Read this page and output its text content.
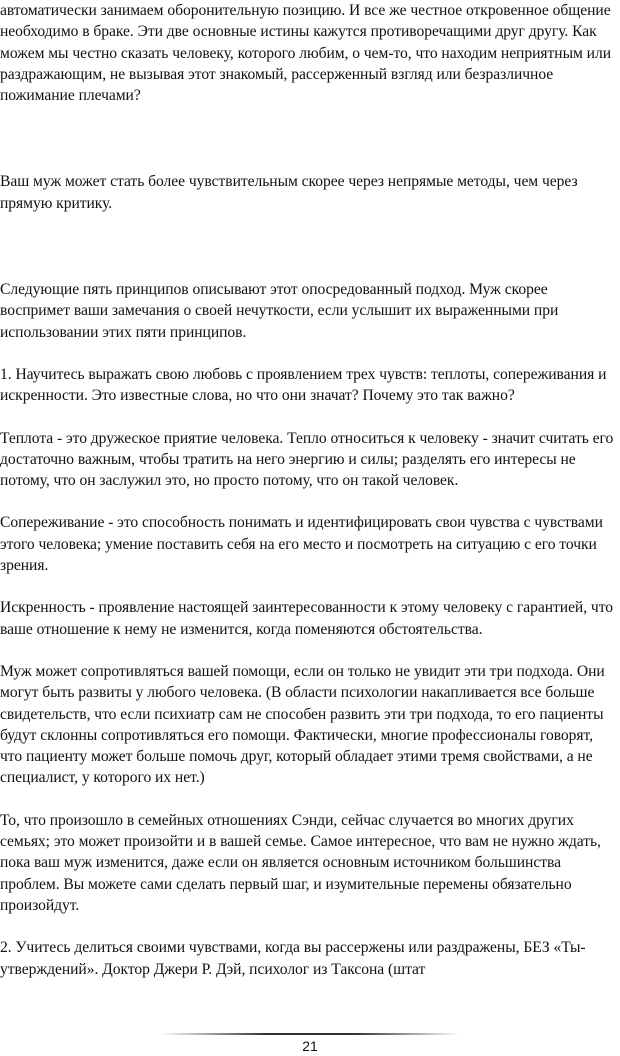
автоматически занимаем оборонительную позицию. И все же честное откровенное общение необходимо в браке. Эти две основные истины кажутся противоречащими друг другу. Как можем мы честно сказать человеку, которого любим, о чем-то, что находим неприятным или раздражающим, не вызывая этот знакомый, рассерженный взгляд или безразличное пожимание плечами?

Ваш муж может стать более чувствительным скорее через непрямые методы, чем через прямую критику.

Следующие пять принципов описывают этот опосредованный подход. Муж скорее воспримет ваши замечания о своей нечуткости, если услышит их выраженными при использовании этих пяти принципов.

1. Научитесь выражать свою любовь с проявлением трех чувств: теплоты, сопереживания и искренности. Это известные слова, но что они значат? Почему это так важно?

Теплота - это дружеское приятие человека. Тепло относиться к человеку - значит считать его достаточно важным, чтобы тратить на него энергию и силы; разделять его интересы не потому, что он заслужил это, но просто потому, что он такой человек.

Сопереживание - это способность понимать и идентифицировать свои чувства с чувствами этого человека; умение поставить себя на его место и посмотреть на ситуацию с его точки зрения.

Искренность - проявление настоящей заинтересованности к этому человеку с гарантией, что ваше отношение к нему не изменится, когда поменяются обстоятельства.

Муж может сопротивляться вашей помощи, если он только не увидит эти три подхода. Они могут быть развиты у любого человека. (В области психологии накапливается все больше свидетельств, что если психиатр сам не способен развить эти три подхода, то его пациенты будут склонны сопротивляться его помощи. Фактически, многие профессионалы говорят, что пациенту может больше помочь друг, который обладает этими тремя свойствами, а не специалист, у которого их нет.)

То, что произошло в семейных отношениях Сэнди, сейчас случается во многих других семьях; это может произойти и в вашей семье. Самое интересное, что вам не нужно ждать, пока ваш муж изменится, даже если он является основным источником большинства проблем. Вы можете сами сделать первый шаг, и изумительные перемены обязательно произойдут.

2. Учитесь делиться своими чувствами, когда вы рассержены или раздражены, БЕЗ «Ты-утверждений». Доктор Джери Р. Дэй, психолог из Таксона (штат

21
